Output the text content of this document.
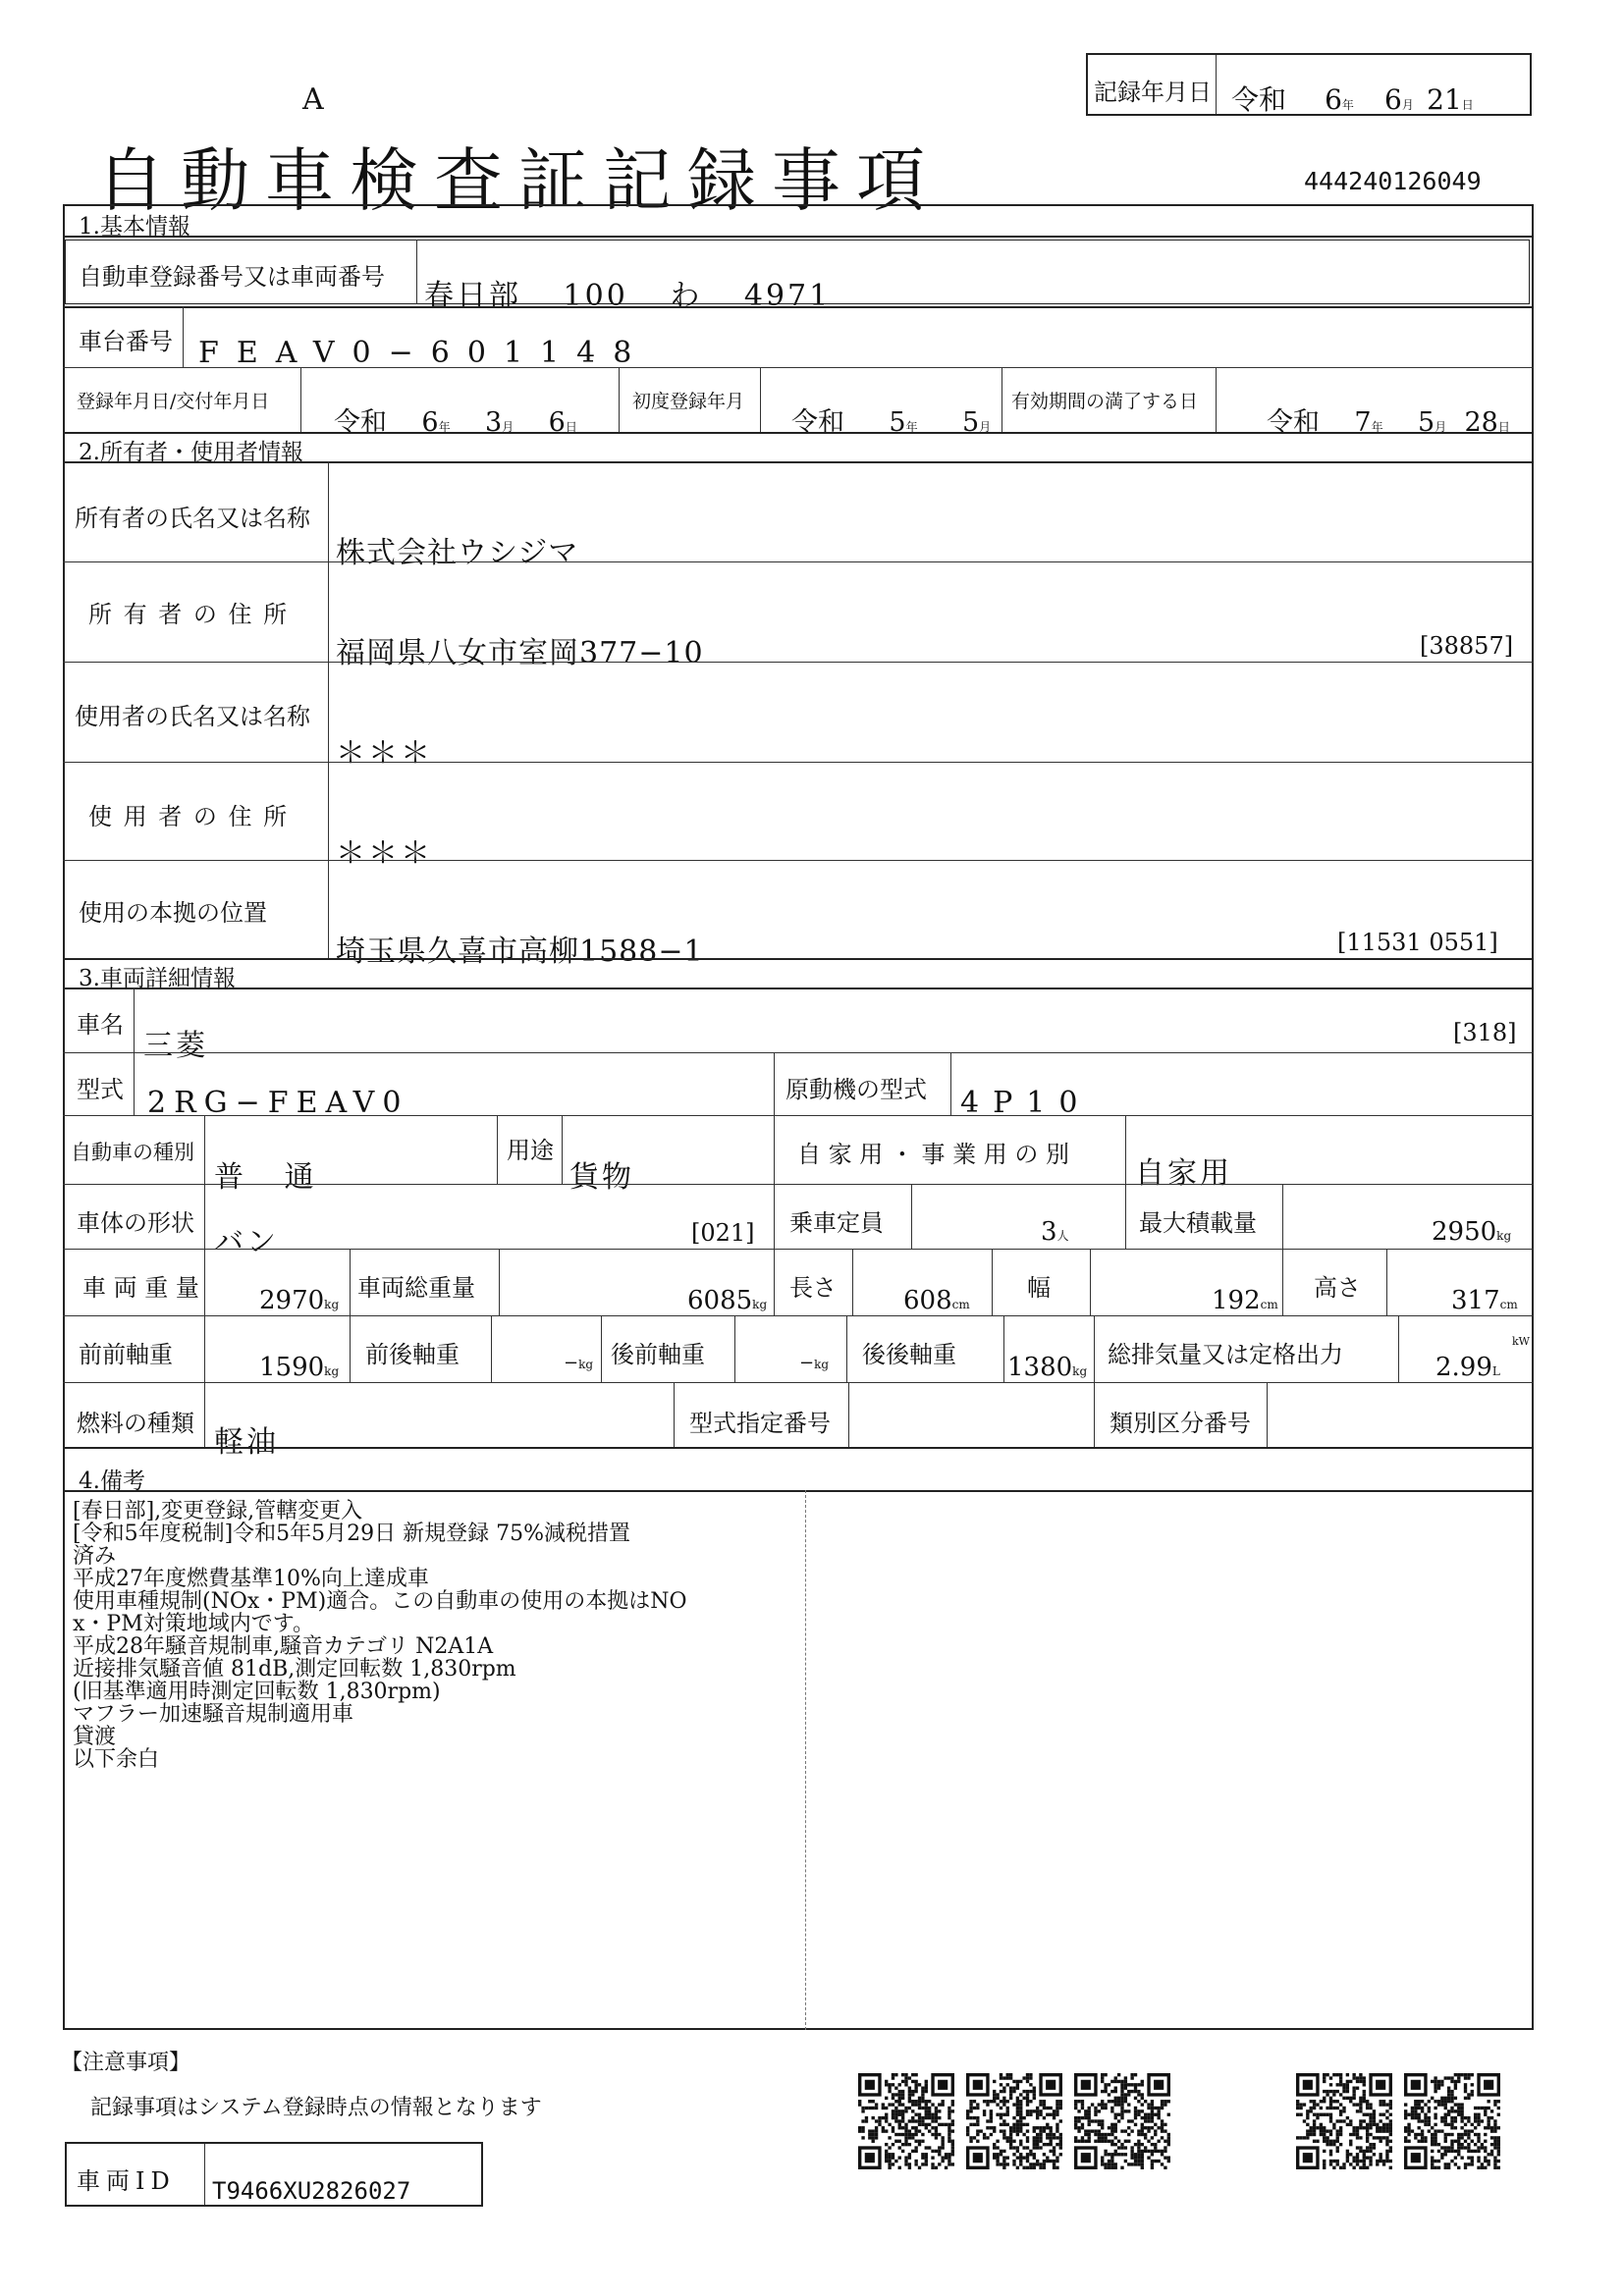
A
自動車検査証記録事項
記録年月日 令和 6年 6月 21日
444240126049
1.基本情報
自動車登録番号又は車両番号
春日部 100 わ 4971
車台番号 FEAV0−601148
登録年月日/交付年月日
令和 6年 3月 6日
初度登録年月
令和 5年 5月
有効期間の満了する日
令和 7年 5月 28日
2.所有者・使用者情報
所有者の氏名又は名称
株式会社ウシジマ
所 有 者 の 住 所
福岡県八女市室岡377−10	[38857]
使用者の氏名又は名称
＊＊＊
使 用 者 の 住 所
＊＊＊
使用の本拠の位置
埼玉県久喜市高柳1588−1	[11531 0551]
3.車両詳細情報
車名
三菱	[318]
型式 2RG−FEAV0	原動機の型式 4P10
自動車の種別
普 通
用途
貨物
自 家 用 ・ 事 業 用 の 別
自家用
車体の形状
バン	[021] 乗車定員	3人	最大積載量	2950kg
車 両 重 量 2970kg
車両総重量	6085kg
長さ	608cm
幅	192cm
高さ	317cm
前前軸重	1590kg
前後軸重	−kg 後前軸重	−kg 後後軸重 1380kg
総排気量又は定格出力	kW
2.99L
燃料の種類
軽油
型式指定番号	類別区分番号
4.備考
[春日部],変更登録,管轄変更入
[令和5年度税制]令和5年5月29日 新規登録 75%減税措置
済み
平成27年度燃費基準10%向上達成車
使用車種規制(NOx・PM)適合。この自動車の使用の本拠はNO
x・PM対策地域内です。
平成28年騒音規制車,騒音カテゴリ N2A1A
近接排気騒音値 81dB,測定回転数 1,830rpm
(旧基準適用時測定回転数 1,830rpm)
マフラー加速騒音規制適用車
貸渡
以下余白
【注意事項】
記録事項はシステム登録時点の情報となります
車両ID T9466XU2826027
